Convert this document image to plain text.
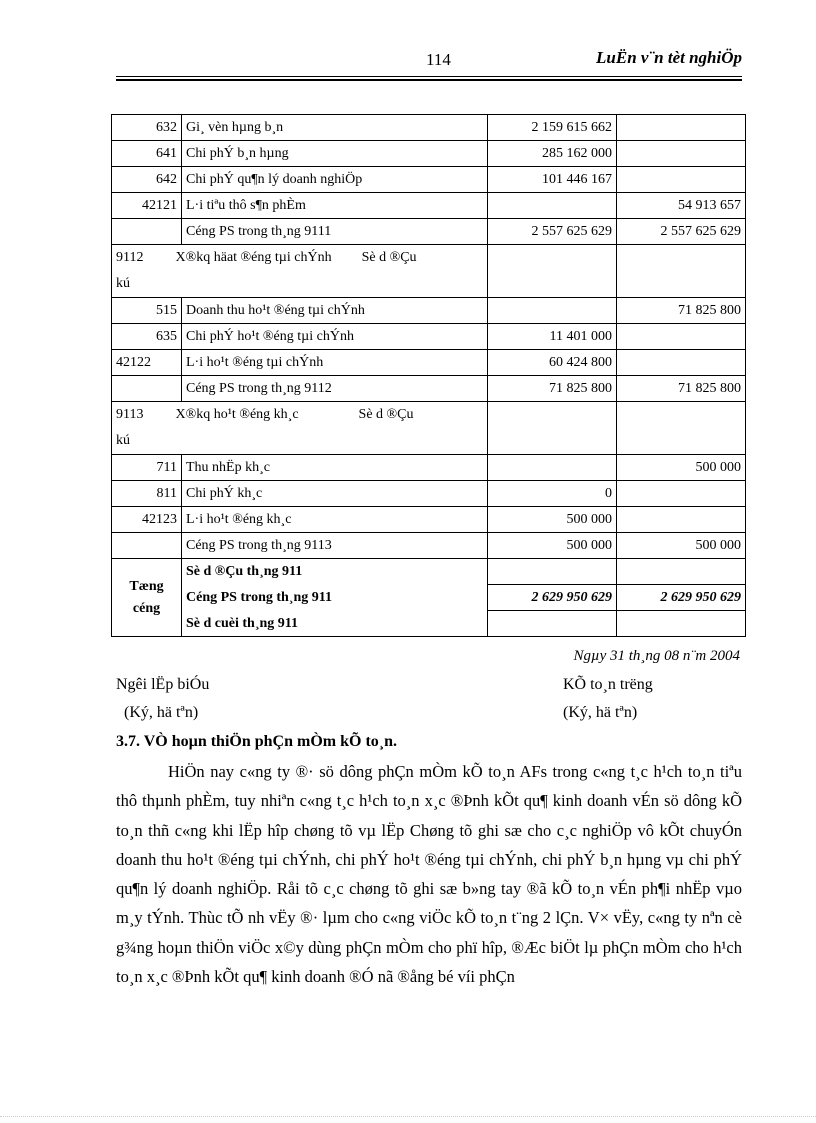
114	LuËn v¨n tèt nghiÖp
632	Gi¸ vèn hµng b¸n	2 159 615 662	
641	Chi phÝ b¸n hµng	285 162 000	
642	Chi phÝ qu¶n lý doanh nghiÖp	101 446 167	
42121	L·i tiªu thô s¶n phÈm		54 913 657
	Céng PS trong th¸ng 9111	2 557 625 629	2 557 625 629
9112 X®kq häat ®éng tµi chÝnh Sè d ®Çu
kú			
515	Doanh thu ho¹t ®éng tµi chÝnh		71 825 800
635	Chi phÝ ho¹t ®éng tµi chÝnh	11 401 000	
42122	L·i ho¹t ®éng tµi chÝnh	60 424 800	
	Céng PS trong th¸ng 9112	71 825 800	71 825 800
9113 X®kq ho¹t ®éng kh¸c Sè d ®Çu
kú			
711	Thu nhËp kh¸c		500 000
811	Chi phÝ kh¸c	0	
42123	L·i ho¹t ®éng kh¸c	500 000	
	Céng PS trong th¸ng 9113	500 000	500 000
Tæng
céng	Sè d ®Çu th¸ng 911		
	Céng PS trong th¸ng 911	2 629 950 629	2 629 950 629
	Sè d cuèi th¸ng 911		
Ngµy 31 th¸ng 08 n¨m 2004
Ngêi lËp biÓu
(Ký, hä tªn)
KÕ to¸n trëng
(Ký, hä tªn)
3.7. VÒ hoµn thiÖn phÇn mÒm kÕ to¸n.

HiÖn nay c«ng ty ®· sö dông phÇn mÒm kÕ to¸n AFs trong c«ng t¸c h¹ch to¸n tiªu thô thµnh phÈm, tuy nhiªn c«ng t¸c h¹ch to¸n x¸c ®Þnh kÕt qu¶ kinh doanh vÉn sö dông kÕ to¸n thñ c«ng khi lËp hîp chøng tõ vµ lËp Chøng tõ ghi sæ cho c¸c nghiÖp vô kÕt chuyÓn doanh thu ho¹t ®éng tµi chÝnh, chi phÝ ho¹t ®éng tµi chÝnh, chi phÝ b¸n hµng vµ chi phÝ qu¶n lý doanh nghiÖp. Råi tõ c¸c chøng tõ ghi sæ b»ng tay ®ã kÕ to¸n vÉn ph¶i nhËp vµo m¸y tÝnh. Thùc tÕ nh vËy ®· lµm cho c«ng viÖc kÕ to¸n t¨ng 2 lÇn. V× vËy, c«ng ty nªn cè g¾ng hoµn thiÖn viÖc x©y dùng phÇn mÒm cho phï hîp, ®Æc biÖt lµ phÇn mÒm cho h¹ch to¸n x¸c ®Þnh kÕt qu¶ kinh doanh ®Ó nã ®ång bé víi phÇn
